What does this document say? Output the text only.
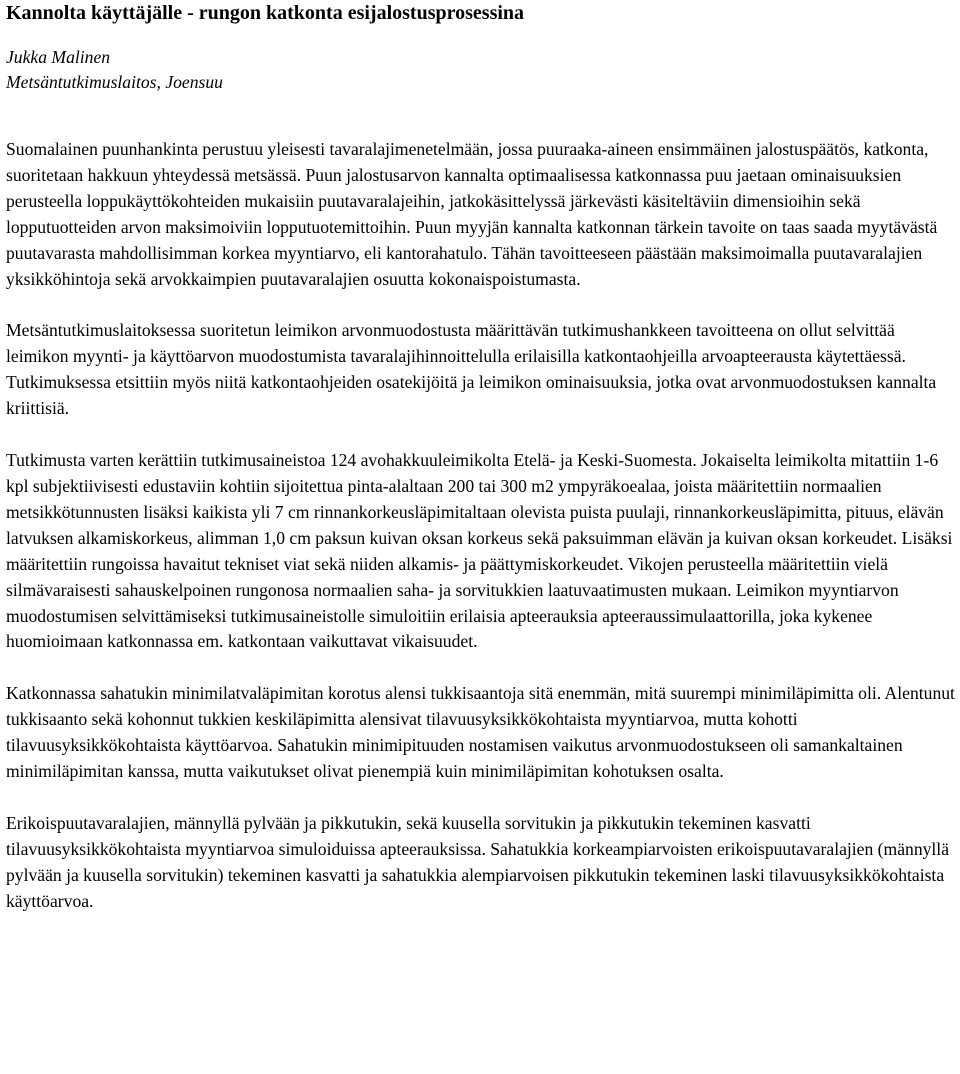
Kannolta käyttäjälle - rungon katkonta esijalostusprosessina

Jukka Malinen

Metsäntutkimuslaitos, Joensuu

Suomalainen puunhankinta perustuu yleisesti tavaralajimenetelmään, jossa puuraaka-aineen ensimmäinen jalostuspäätös, katkonta, suoritetaan hakkuun yhteydessä metsässä. Puun jalostusarvon kannalta optimaalisessa katkonnassa puu jaetaan ominaisuuksien perusteella loppukäyttökohteiden mukaisiin puutavaralajeihin, jatkokäsittelyssä järkevästi käsiteltäviin dimensioihin sekä lopputuotteiden arvon maksimoiviin lopputuotemittoihin. Puun myyjän kannalta katkonnan tärkein tavoite on taas saada myytävästä puutavarasta mahdollisimman korkea myyntiarvo, eli kantorahatulo. Tähän tavoitteeseen päästään maksimoimalla puutavaralajien yksikköhintoja sekä arvokkaimpien puutavaralajien osuutta kokonaispoistumasta.

Metsäntutkimuslaitoksessa suoritetun leimikon arvonmuodostusta määrittävän tutkimushankkeen tavoitteena on ollut selvittää leimikon myynti- ja käyttöarvon muodostumista tavaralajihinnoittelulla erilaisilla katkontaohjeilla arvoapteerausta käytettäessä. Tutkimuksessa etsittiin myös niitä katkontaohjeiden osatekijöitä ja leimikon ominaisuuksia, jotka ovat arvonmuodostuksen kannalta kriittisiä.

Tutkimusta varten kerättiin tutkimusaineistoa 124 avohakkuuleimikolta Etelä- ja Keski-Suomesta. Jokaiselta leimikolta mitattiin 1-6 kpl subjektiivisesti edustaviin kohtiin sijoitettua pinta-alaltaan 200 tai 300 m2 ympyräkoealaa, joista määritettiin normaalien metsikkötunnusten lisäksi kaikista yli 7 cm rinnankorkeusläpimitaltaan olevista puista puulaji, rinnankorkeusläpimitta, pituus, elävän latvuksen alkamiskorkeus, alimman 1,0 cm paksun kuivan oksan korkeus sekä paksuimman elävän ja kuivan oksan korkeudet. Lisäksi määritettiin rungoissa havaitut tekniset viat sekä niiden alkamis- ja päättymiskorkeudet. Vikojen perusteella määritettiin vielä silmävaraisesti sahauskelpoinen rungonosa normaalien saha- ja sorvitukkien laatuvaatimusten mukaan. Leimikon myyntiarvon muodostumisen selvittämiseksi tutkimusaineistolle simuloitiin erilaisia apteerauksia apteeraussimulaattorilla, joka kykenee huomioimaan katkonnassa em. katkontaan vaikuttavat vikaisuudet.

Katkonnassa sahatukin minimilatvaläpimitan korotus alensi tukkisaantoja sitä enemmän, mitä suurempi minimiläpimitta oli. Alentunut tukkisaanto sekä kohonnut tukkien keskiläpimitta alensivat tilavuusyksikkökohtaista myyntiarvoa, mutta kohotti tilavuusyksikkökohtaista käyttöarvoa. Sahatukin minimipituuden nostamisen vaikutus arvonmuodostukseen oli samankaltainen minimiläpimitan kanssa, mutta vaikutukset olivat pienempiä kuin minimiläpimitan kohotuksen osalta.

Erikoispuutavaralajien, männyllä pylvään ja pikkutukin, sekä kuusella sorvitukin ja pikkutukin tekeminen kasvatti tilavuusyksikkökohtaista myyntiarvoa simuloiduissa apteerauksissa. Sahatukkia korkeampiarvoisten erikoispuutavaralajien (männyllä pylvään ja kuusella sorvitukin) tekeminen kasvatti ja sahatukkia alempiarvoisen pikkutukin tekeminen laski tilavuusyksikkökohtaista käyttöarvoa.
